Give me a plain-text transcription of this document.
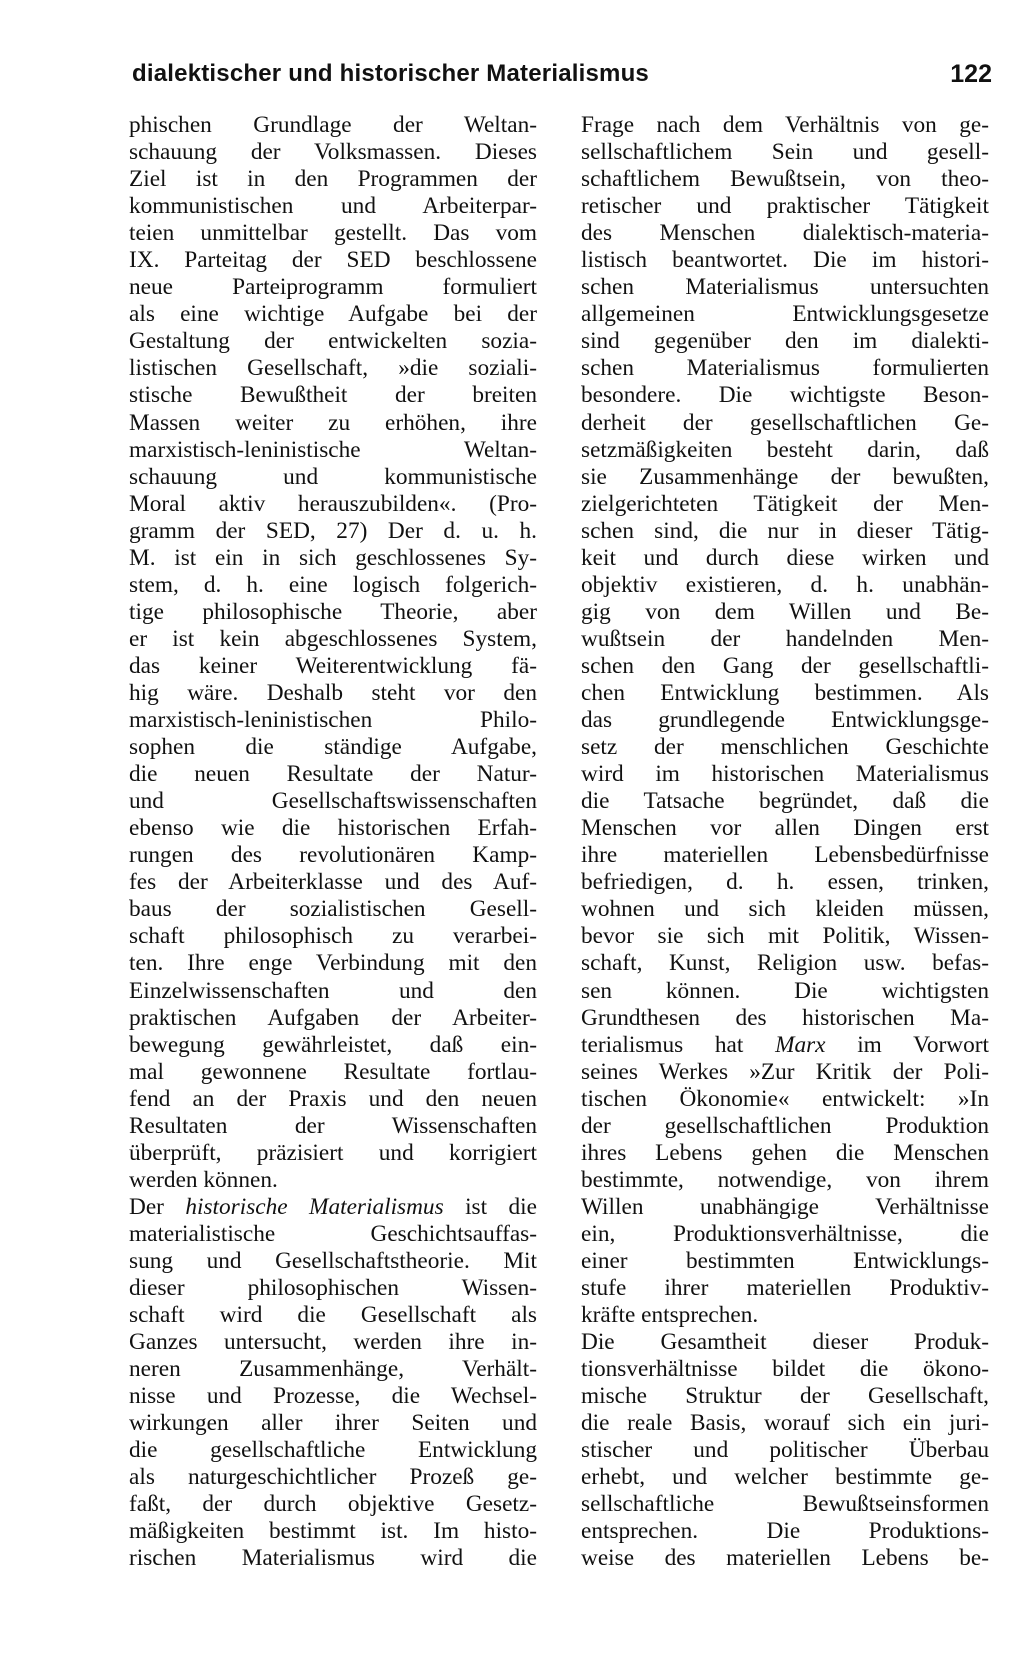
dialektischer und historischer Materialismus	122
phischen Grundlage der Weltan-
schauung der Volksmassen. Dieses
Ziel ist in den Programmen der
kommunistischen und Arbeiterpar-
teien unmittelbar gestellt. Das vom
IX. Parteitag der SED beschlossene
neue Parteiprogramm formuliert
als eine wichtige Aufgabe bei der
Gestaltung der entwickelten sozia-
listischen Gesellschaft, »die soziali-
stische Bewußtheit der breiten
Massen weiter zu erhöhen, ihre
marxistisch-leninistische Weltan-
schauung und kommunistische
Moral aktiv herauszubilden«. (Pro-
gramm der SED, 27) Der d. u. h.
M. ist ein in sich geschlossenes Sy-
stem, d. h. eine logisch folgerich-
tige philosophische Theorie, aber
er ist kein abgeschlossenes System,
das keiner Weiterentwicklung fä-
hig wäre. Deshalb steht vor den
marxistisch-leninistischen Philo-
sophen die ständige Aufgabe,
die neuen Resultate der Natur-
und Gesellschaftswissenschaften
ebenso wie die historischen Erfah-
rungen des revolutionären Kamp-
fes der Arbeiterklasse und des Auf-
baus der sozialistischen Gesell-
schaft philosophisch zu verarbei-
ten. Ihre enge Verbindung mit den
Einzelwissenschaften und den
praktischen Aufgaben der Arbeiter-
bewegung gewährleistet, daß ein-
mal gewonnene Resultate fortlau-
fend an der Praxis und den neuen
Resultaten der Wissenschaften
überprüft, präzisiert und korrigiert
werden können.
Der historische Materialismus ist die
materialistische Geschichtsauffas-
sung und Gesellschaftstheorie. Mit
dieser philosophischen Wissen-
schaft wird die Gesellschaft als
Ganzes untersucht, werden ihre in-
neren Zusammenhänge, Verhält-
nisse und Prozesse, die Wechsel-
wirkungen aller ihrer Seiten und
die gesellschaftliche Entwicklung
als naturgeschichtlicher Prozeß ge-
faßt, der durch objektive Gesetz-
mäßigkeiten bestimmt ist. Im histo-
rischen Materialismus wird die
Frage nach dem Verhältnis von ge-
sellschaftlichem Sein und gesell-
schaftlichem Bewußtsein, von theo-
retischer und praktischer Tätigkeit
des Menschen dialektisch-materia-
listisch beantwortet. Die im histori-
schen Materialismus untersuchten
allgemeinen Entwicklungsgesetze
sind gegenüber den im dialekti-
schen Materialismus formulierten
besondere. Die wichtigste Beson-
derheit der gesellschaftlichen Ge-
setzmäßigkeiten besteht darin, daß
sie Zusammenhänge der bewußten,
zielgerichteten Tätigkeit der Men-
schen sind, die nur in dieser Tätig-
keit und durch diese wirken und
objektiv existieren, d. h. unabhän-
gig von dem Willen und Be-
wußtsein der handelnden Men-
schen den Gang der gesellschaftli-
chen Entwicklung bestimmen. Als
das grundlegende Entwicklungsge-
setz der menschlichen Geschichte
wird im historischen Materialismus
die Tatsache begründet, daß die
Menschen vor allen Dingen erst
ihre materiellen Lebensbedürfnisse
befriedigen, d. h. essen, trinken,
wohnen und sich kleiden müssen,
bevor sie sich mit Politik, Wissen-
schaft, Kunst, Religion usw. befas-
sen können. Die wichtigsten
Grundthesen des historischen Ma-
terialismus hat Marx im Vorwort
seines Werkes »Zur Kritik der Poli-
tischen Ökonomie« entwickelt: »In
der gesellschaftlichen Produktion
ihres Lebens gehen die Menschen
bestimmte, notwendige, von ihrem
Willen unabhängige Verhältnisse
ein, Produktionsverhältnisse, die
einer bestimmten Entwicklungs-
stufe ihrer materiellen Produktiv-
kräfte entsprechen.
Die Gesamtheit dieser Produk-
tionsverhältnisse bildet die ökono-
mische Struktur der Gesellschaft,
die reale Basis, worauf sich ein juri-
stischer und politischer Überbau
erhebt, und welcher bestimmte ge-
sellschaftliche Bewußtseinsformen
entsprechen. Die Produktions-
weise des materiellen Lebens be-
